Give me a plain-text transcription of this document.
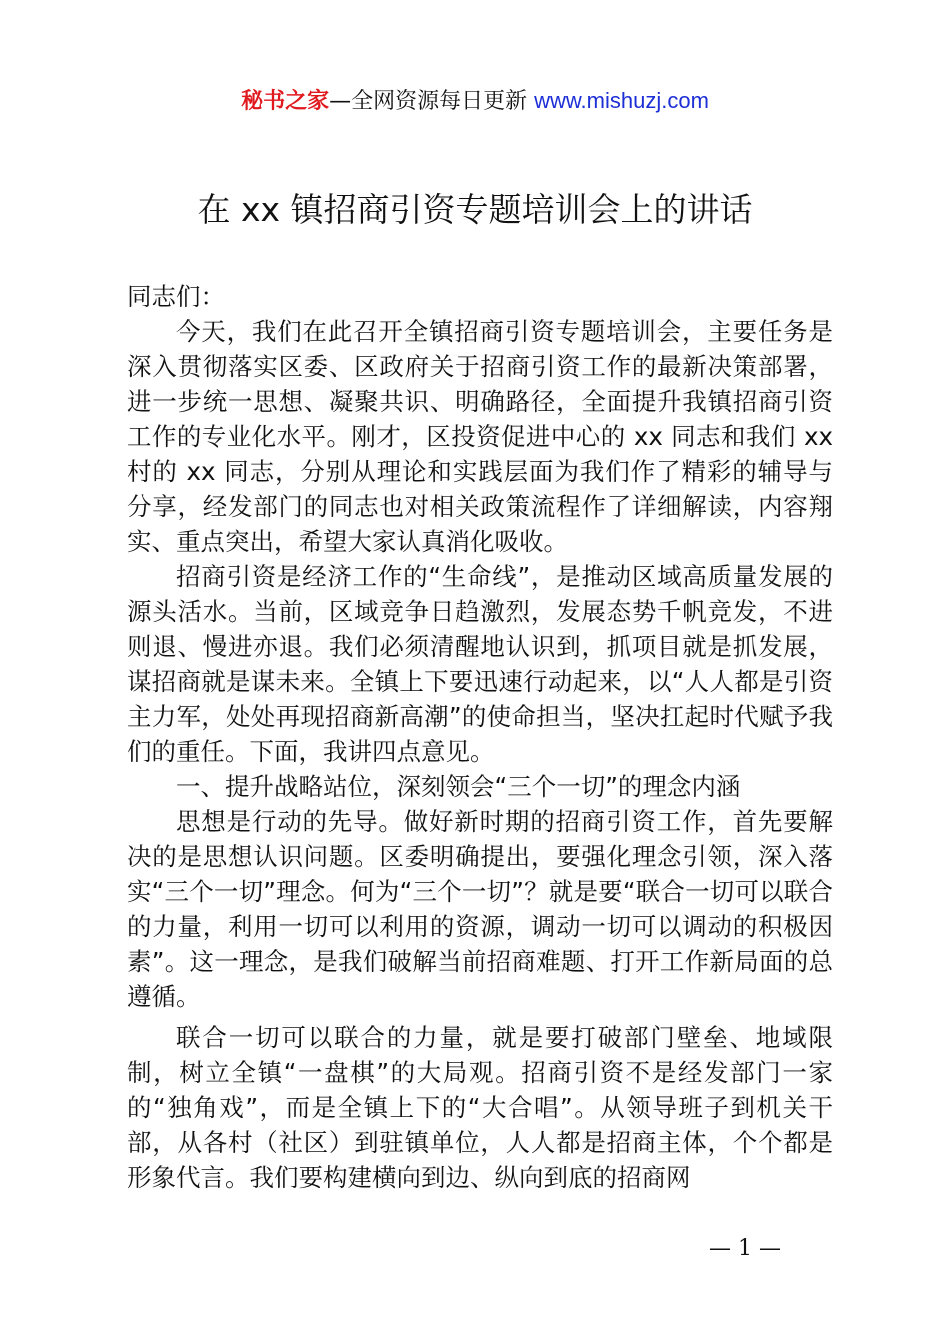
秘书之家—全网资源每日更新 www.mishuzj.com
在 xx 镇招商引资专题培训会上的讲话

同志们：

今天，我们在此召开全镇招商引资专题培训会，主要任务是深入贯彻落实区委、区政府关于招商引资工作的最新决策部署，进一步统一思想、凝聚共识、明确路径，全面提升我镇招商引资工作的专业化水平。刚才，区投资促进中心的 xx 同志和我们 xx 村的 xx 同志，分别从理论和实践层面为我们作了精彩的辅导与分享，经发部门的同志也对相关政策流程作了详细解读，内容翔实、重点突出，希望大家认真消化吸收。

招商引资是经济工作的“生命线”，是推动区域高质量发展的源头活水。当前，区域竞争日趋激烈，发展态势千帆竞发，不进则退、慢进亦退。我们必须清醒地认识到，抓项目就是抓发展，谋招商就是谋未来。全镇上下要迅速行动起来，以“人人都是引资主力军，处处再现招商新高潮”的使命担当，坚决扛起时代赋予我们的重任。下面，我讲四点意见。

一、提升战略站位，深刻领会“三个一切”的理念内涵

思想是行动的先导。做好新时期的招商引资工作，首先要解决的是思想认识问题。区委明确提出，要强化理念引领，深入落实“三个一切”理念。何为“三个一切”？就是要“联合一切可以联合的力量，利用一切可以利用的资源，调动一切可以调动的积极因素”。这一理念，是我们破解当前招商难题、打开工作新局面的总遵循。

联合一切可以联合的力量，就是要打破部门壁垒、地域限制，树立全镇“一盘棋”的大局观。招商引资不是经发部门一家的“独角戏”，而是全镇上下的“大合唱”。从领导班子到机关干部，从各村（社区）到驻镇单位，人人都是招商主体，个个都是形象代言。我们要构建横向到边、纵向到底的招商网

— 1 —
